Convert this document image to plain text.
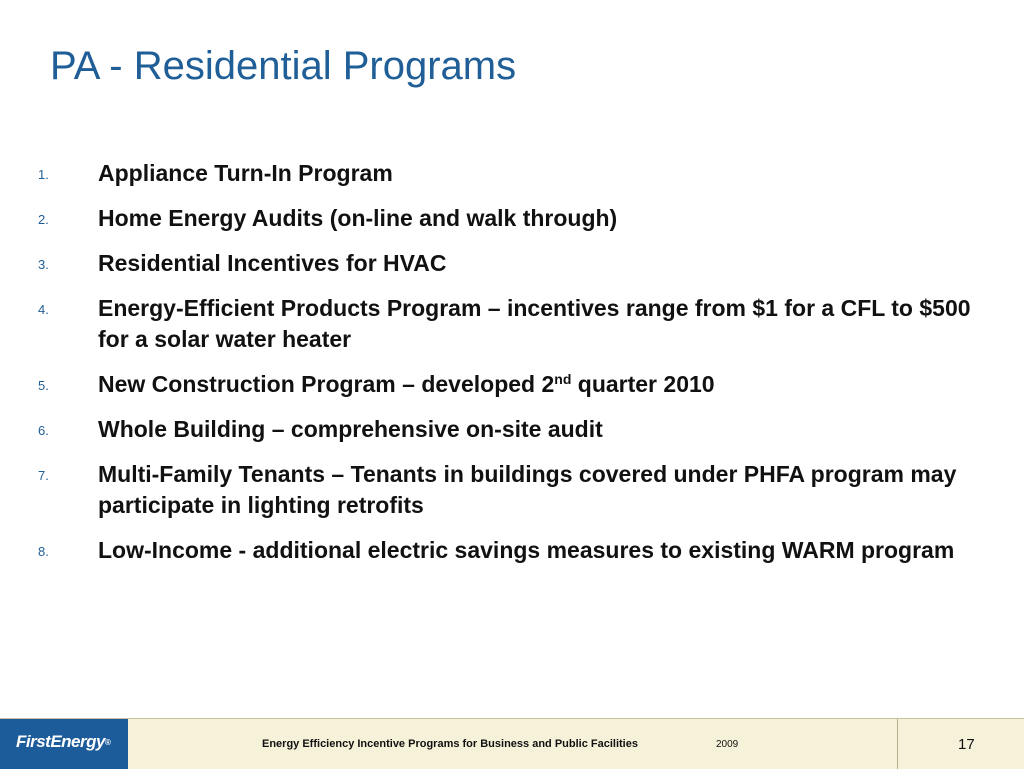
PA - Residential Programs
1. Appliance Turn-In Program
2. Home Energy Audits (on-line and walk through)
3. Residential Incentives for HVAC
4. Energy-Efficient Products Program – incentives range from $1 for a CFL to $500 for a solar water heater
5. New Construction Program – developed 2nd quarter 2010
6. Whole Building – comprehensive on-site audit
7. Multi-Family Tenants – Tenants in buildings covered under PHFA program may participate in lighting retrofits
8. Low-Income - additional electric savings measures to existing WARM program
FirstEnergy®	Energy Efficiency Incentive Programs for Business and Public Facilities	2009	17
